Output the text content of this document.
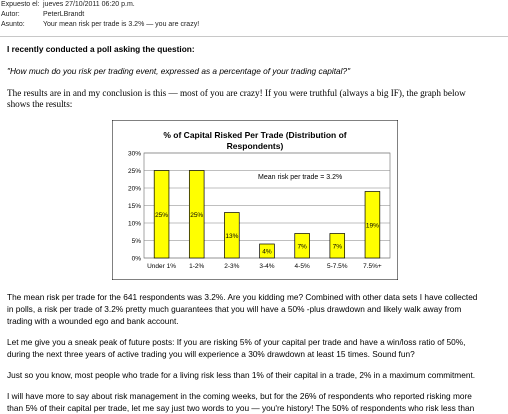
Expuesto el: jueves 27/10/2011 06:20 p.m.
Autor:	PeterLBrandt
Asunto:	Your mean risk per trade is 3.2% — you are crazy!
I recently conducted a poll asking the question:
"How much do you risk per trading event, expressed as a percentage of your trading capital?"
The results are in and my conclusion is this — most of you are crazy! If you were truthful (always a big IF), the graph below
shows the results:
% of Capital Risked Per Trade (Distribution of
Respondents)
0%
5%
10%
15%
20%
25%
30%
25%	25%
13%
4%
7%	7%
19%
Under 1% 1-2%	2-3%	3-4%	4-5%	5-7.5% 7.5%+
Mean risk per trade = 3.2%
The mean risk per trade for the 641 respondents was 3.2%. Are you kidding me? Combined with other data sets I have collected
in polls, a risk per trade of 3.2% pretty much guarantees that you will have a 50% -plus drawdown and likely walk away from
trading with a wounded ego and bank account.
Let me give you a sneak peak of future posts: If you are risking 5% of your capital per trade and have a win/loss ratio of 50%,
during the next three years of active trading you will experience a 30% drawdown at least 15 times. Sound fun?
Just so you know, most people who trade for a living risk less than 1% of their capital in a trade, 2% in a maximum commitment.
I will have more to say about risk management in the coming weeks, but for the 26% of respondents who reported risking more
than 5% of their capital per trade, let me say just two words to you — you're history! The 50% of respondents who risk less than
